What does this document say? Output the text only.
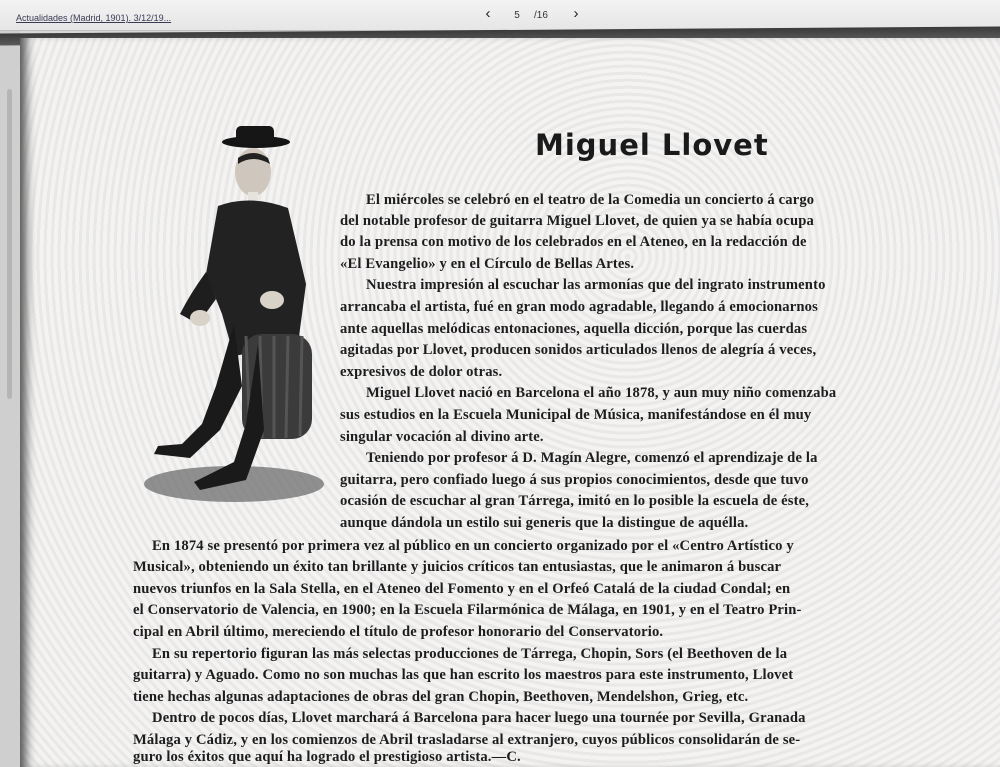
Actualidades (Madrid, 1901). 3/12/19...	‹	5	/16	›
Miguel Llovet
El miércoles se celebró en el teatro de la Comedia un concierto á cargo
del notable profesor de guitarra Miguel Llovet, de quien ya se había ocupa
do la prensa con motivo de los celebrados en el Ateneo, en la redacción de
«El Evangelio» y en el Círculo de Bellas Artes.
Nuestra impresión al escuchar las armonías que del ingrato instrumento
arrancaba el artista, fué en gran modo agradable, llegando á emocionarnos
ante aquellas melódicas entonaciones, aquella dicción, porque las cuerdas
agitadas por Llovet, producen sonidos articulados llenos de alegría á veces,
expresivos de dolor otras.
Miguel Llovet nació en Barcelona el año 1878, y aun muy niño comenzaba
sus estudios en la Escuela Municipal de Música, manifestándose en él muy
singular vocación al divino arte.
Teniendo por profesor á D. Magín Alegre, comenzó el aprendizaje de la
guitarra, pero confiado luego á sus propios conocimientos, desde que tuvo
ocasión de escuchar al gran Tárrega, imitó en lo posible la escuela de éste,
aunque dándola un estilo sui generis que la distingue de aquélla.
En 1874 se presentó por primera vez al público en un concierto organizado por el «Centro Artístico y
Musical», obteniendo un éxito tan brillante y juicios críticos tan entusiastas, que le animaron á buscar
nuevos triunfos en la Sala Stella, en el Ateneo del Fomento y en el Orfeó Catalá de la ciudad Condal; en
el Conservatorio de Valencia, en 1900; en la Escuela Filarmónica de Málaga, en 1901, y en el Teatro Prin-
cipal en Abril último, mereciendo el título de profesor honorario del Conservatorio.
En su repertorio figuran las más selectas producciones de Tárrega, Chopin, Sors (el Beethoven de la
guitarra) y Aguado. Como no son muchas las que han escrito los maestros para este instrumento, Llovet
tiene hechas algunas adaptaciones de obras del gran Chopin, Beethoven, Mendelshon, Grieg, etc.
Dentro de pocos días, Llovet marchará á Barcelona para hacer luego una tournée por Sevilla, Granada
Málaga y Cádiz, y en los comienzos de Abril trasladarse al extranjero, cuyos públicos consolidarán de se-
guro los éxitos que aquí ha logrado el prestigioso artista.—C.
